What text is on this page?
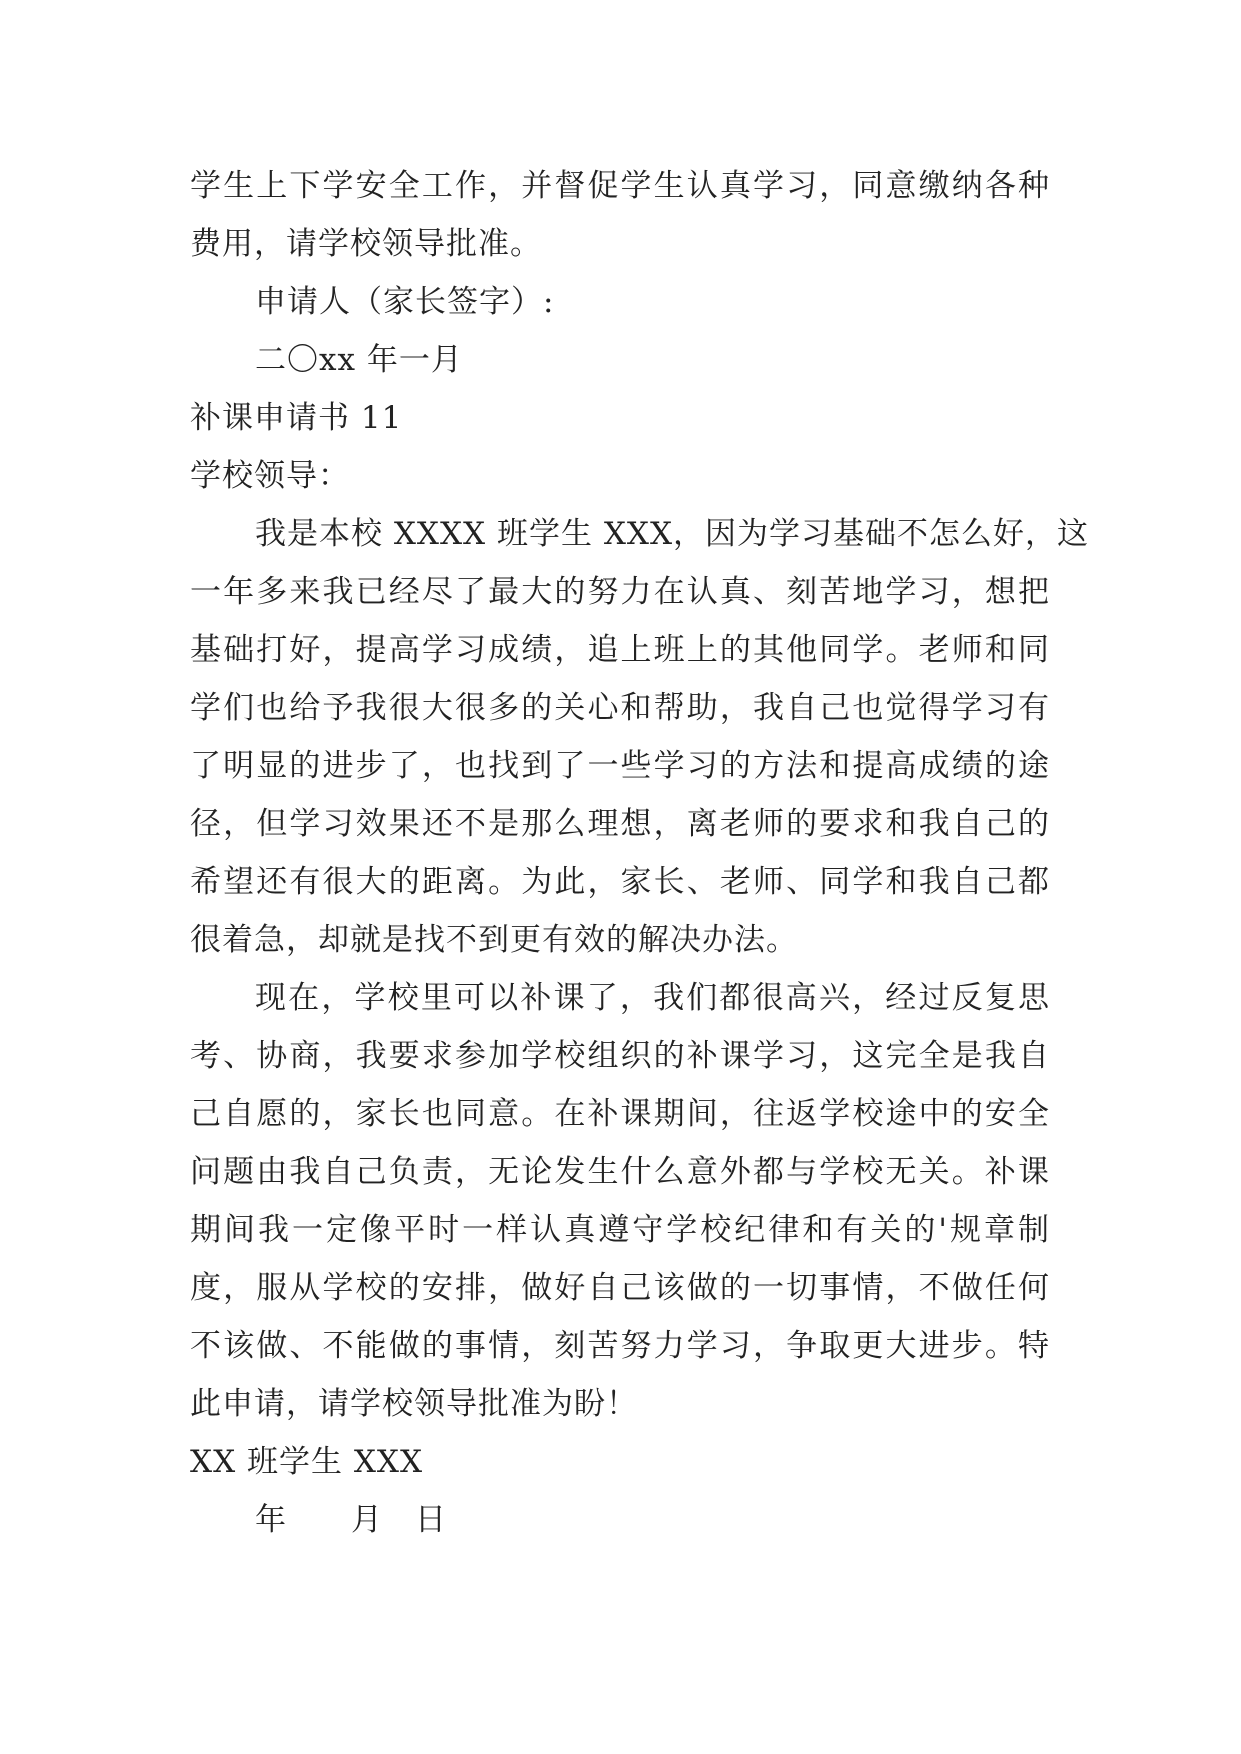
学生上下学安全工作，并督促学生认真学习，同意缴纳各种
费用，请学校领导批准。
申请人（家长签字）:
二〇xx 年一月
补课申请书 11
学校领导：
我是本校 XXXX 班学生 XXX，因为学习基础不怎么好，这
一年多来我已经尽了最大的努力在认真、刻苦地学习，想把
基础打好，提高学习成绩，追上班上的其他同学。老师和同
学们也给予我很大很多的关心和帮助，我自己也觉得学习有
了明显的进步了，也找到了一些学习的方法和提高成绩的途
径，但学习效果还不是那么理想，离老师的要求和我自己的
希望还有很大的距离。为此，家长、老师、同学和我自己都
很着急，却就是找不到更有效的解决办法。
现在，学校里可以补课了，我们都很高兴，经过反复思
考、协商，我要求参加学校组织的补课学习，这完全是我自
己自愿的，家长也同意。在补课期间，往返学校途中的安全
问题由我自己负责，无论发生什么意外都与学校无关。补课
期间我一定像平时一样认真遵守学校纪律和有关的'规章制
度，服从学校的安排，做好自己该做的一切事情，不做任何
不该做、不能做的事情，刻苦努力学习，争取更大进步。特
此申请，请学校领导批准为盼！
XX 班学生 XXX
年　　月　日
